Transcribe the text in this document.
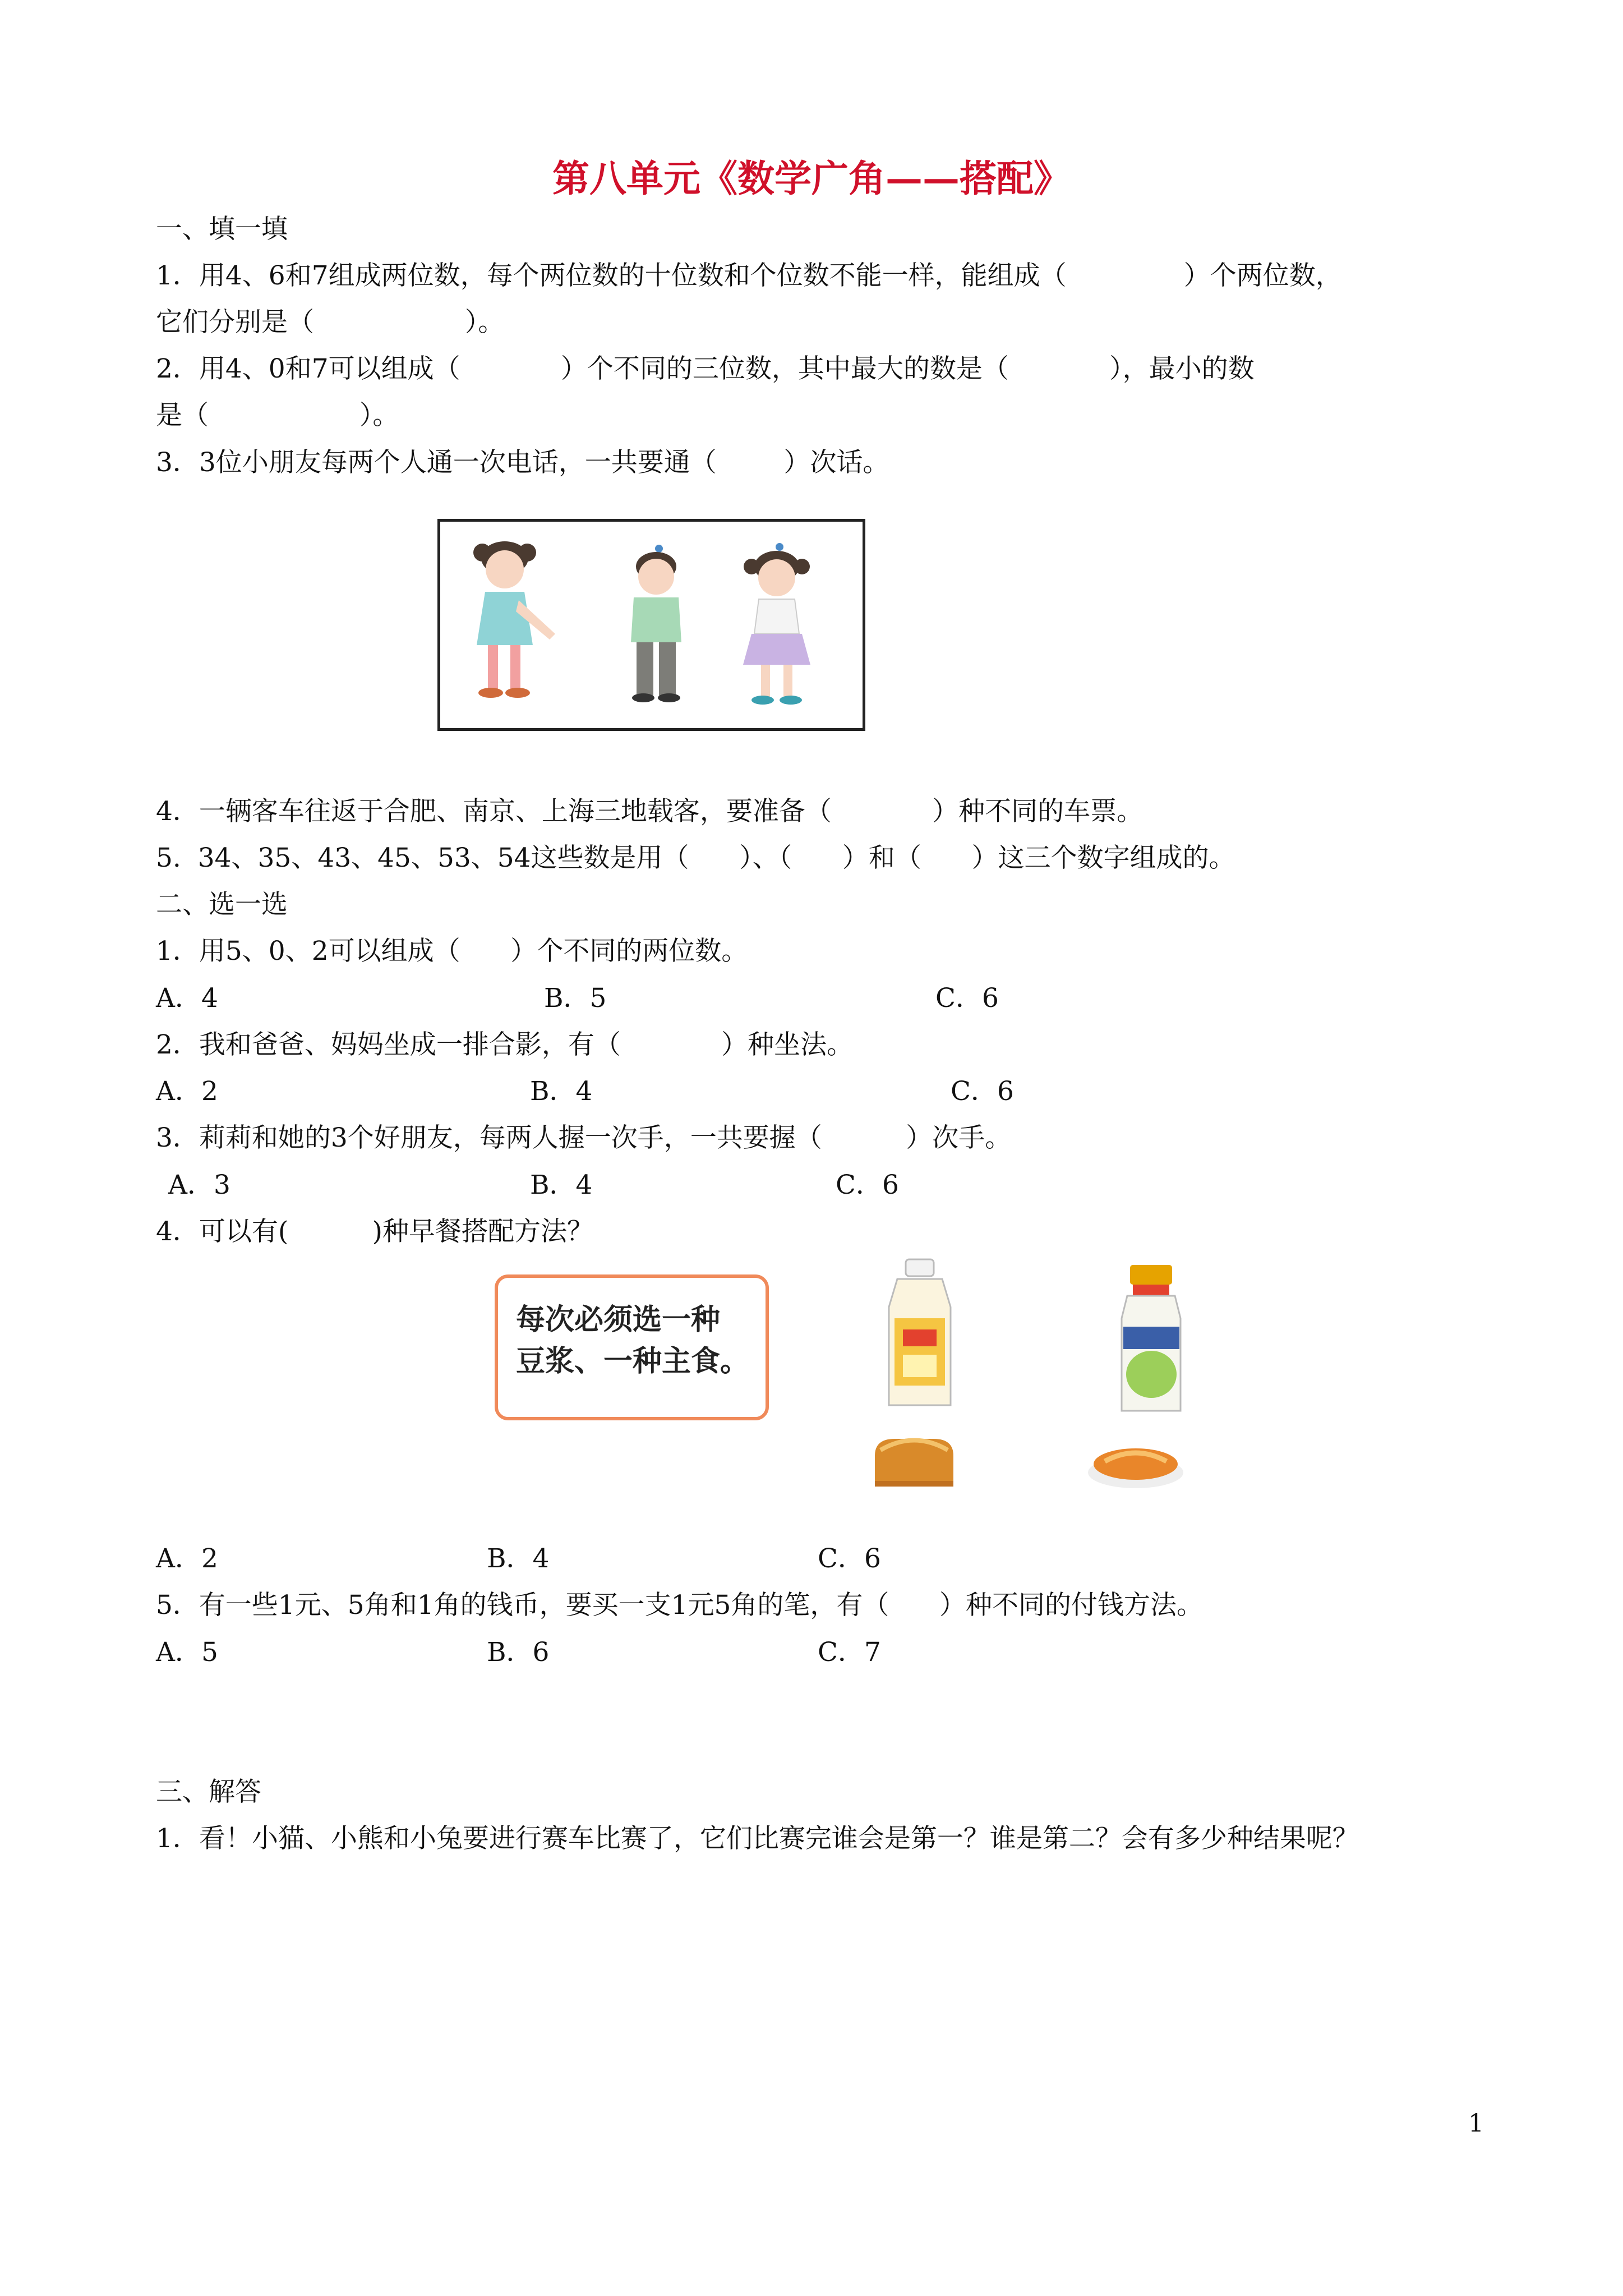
第八单元《数学广角——搭配》
一、填一填
1．用4、6和7组成两位数，每个两位数的十位数和个位数不能一样，能组成（              ）个两位数，
它们分别是（                  ）。
2．用4、0和7可以组成（            ）个不同的三位数，其中最大的数是（            ），最小的数
是（                  ）。
3．3位小朋友每两个人通一次电话，一共要通（        ）次话。
4．一辆客车往返于合肥、南京、上海三地载客，要准备（            ）种不同的车票。
5.  34、35、43、45、53、54这些数是用（      ）、（      ）和（      ）这三个数字组成的。
二、选一选
1．用5、0、2可以组成（      ）个不同的两位数。
A．4	B．5	C．6
2．我和爸爸、妈妈坐成一排合影，有（            ）种坐法。
A．2	B．4	C．6
3．莉莉和她的3个好朋友，每两人握一次手，一共要握（          ）次手。
A．3	B．4	C．6
4．可以有(          )种早餐搭配方法？
每次必须选一种
豆浆、一种主食。
A．2	B．4	C．6
5．有一些1元、5角和1角的钱币，要买一支1元5角的笔，有（      ）种不同的付钱方法。
A．5	B．6	C．7
三、解答
1．看！小猫、小熊和小兔要进行赛车比赛了，它们比赛完谁会是第一？谁是第二？会有多少种结果呢？
1
